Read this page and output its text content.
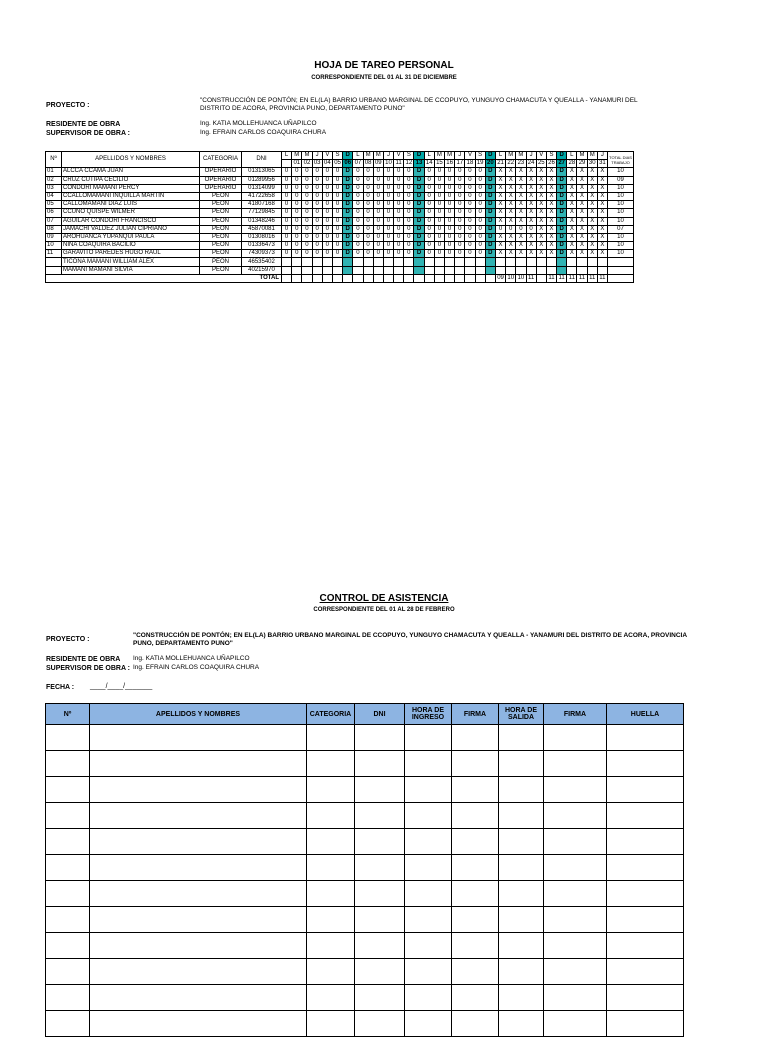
HOJA DE TAREO PERSONAL
CORRESPONDIENTE DEL 01 AL 31 DE DICIEMBRE
PROYECTO :
"CONSTRUCCIÓN DE PONTÓN; EN EL(LA) BARRIO URBANO MARGINAL DE CCOPUYO, YUNGUYO CHAMACUTA Y QUEALLA - YANAMURI DEL DISTRITO DE ACORA, PROVINCIA PUNO, DEPARTAMENTO PUNO"
RESIDENTE DE OBRA	Ing. KATIA MOLLEHUANCA UÑAPILCO
SUPERVISOR DE OBRA :	Ing. EFRAIN CARLOS COAQUIRA CHURA
Nº	APELLIDOS Y NOMBRES	CATEGORIA	DNI	L	M	M	J	V	S	D	L	M	M	J	V	S	D	L	M	M	J	V	S	D	L	M	M	J	V	S	D	L	M	M	J	TOTAL DIAS TRABAJO
					01	02	03	04	05	06	07	08	09	10	11	12	13	14	15	16	17	18	19	20	21	22	23	24	25	26	27	28	29	30	31	
01	ALCCA CCAMA JUAN	OPERARIO	01313065	0	0	0	0	0	0	D	0	0	0	0	0	0	D	0	0	0	0	0	0	D	X	X	X	X	X	X	D	X	X	X	X	10
02	CRUZ CUTIPA CECILIO	OPERARIO	01289956	0	0	0	0	0	0	D	0	0	0	0	0	0	D	0	0	0	0	0	0	D	X	X	X	X	X	X	D	X	X	X	X	09
03	CONDORI MAMANI PERCY	OPERARIO	01314099	0	0	0	0	0	0	D	0	0	0	0	0	0	D	0	0	0	0	0	0	D	X	X	X	X	X	X	D	X	X	X	X	10
04	CCALLOMAMANI INQUILLA MARTIN	PEON	41722658	0	0	0	0	0	0	D	0	0	0	0	0	0	D	0	0	0	0	0	0	D	X	X	X	X	X	X	D	X	X	X	X	10
05	CALLOMAMANI DIAZ LUIS	PEON	41807168	0	0	0	0	0	0	D	0	0	0	0	0	0	D	0	0	0	0	0	0	D	X	X	X	X	X	X	D	X	X	X	X	10
06	CCUNO QUISPE WILMER	PEON	77129845	0	0	0	0	0	0	D	0	0	0	0	0	0	D	0	0	0	0	0	0	D	X	X	X	X	X	X	D	X	X	X	X	10
07	AGUILAR CONDORI FRANCISCO	PEON	01348246	0	0	0	0	0	0	D	0	0	0	0	0	0	D	0	0	0	0	0	0	D	X	X	X	X	X	X	D	X	X	X	X	10
08	JAMACHI VALDEZ JULIAN CIPRIANO	PEON	45870081	0	0	0	0	0	0	D	0	0	0	0	0	0	D	0	0	0	0	0	0	D	0	0	0	0	X	X	D	X	X	X	X	07
09	AROHUANCA YUPANQUI PAULA	PEON	01308016	0	0	0	0	0	0	D	0	0	0	0	0	0	D	0	0	0	0	0	0	D	X	X	X	X	X	X	D	X	X	X	X	10
10	NINA COAQUIRA BACILIO	PEON	01336473	0	0	0	0	0	0	D	0	0	0	0	0	0	D	0	0	0	0	0	0	D	X	X	X	X	X	X	D	X	X	X	X	10
11	GARAVITO PAREDES HUGO RAUL	PEON	74309373	0	0	0	0	0	0	D	0	0	0	0	0	0	D	0	0	0	0	0	0	D	X	X	X	X	X	X	D	X	X	X	X	10
	TICONA MAMANI WILLIAM ALEX	PEON	46535402																																	
	MAMANI MAMANI SILVIA	PEON	40215970																																	
TOTAL																									09	10	10	11		11	11	11	11	11	11	
CONTROL DE ASISTENCIA
CORRESPONDIENTE DEL 01 AL 28 DE FEBRERO
PROYECTO :
"CONSTRUCCIÓN DE PONTÓN; EN EL(LA) BARRIO URBANO MARGINAL DE CCOPUYO, YUNGUYO CHAMACUTA Y QUEALLA - YANAMURI DEL DISTRITO DE ACORA, PROVINCIA PUNO, DEPARTAMENTO PUNO"
RESIDENTE DE OBRA Ing. KATIA MOLLEHUANCA UÑAPILCO
SUPERVISOR DE OBRA : Ing. EFRAIN CARLOS COAQUIRA CHURA
FECHA : ____/____/_______
Nº	APELLIDOS Y NOMBRES	CATEGORIA	DNI	HORA DE INGRESO	FIRMA	HORA DE SALIDA	FIRMA	HUELLA
